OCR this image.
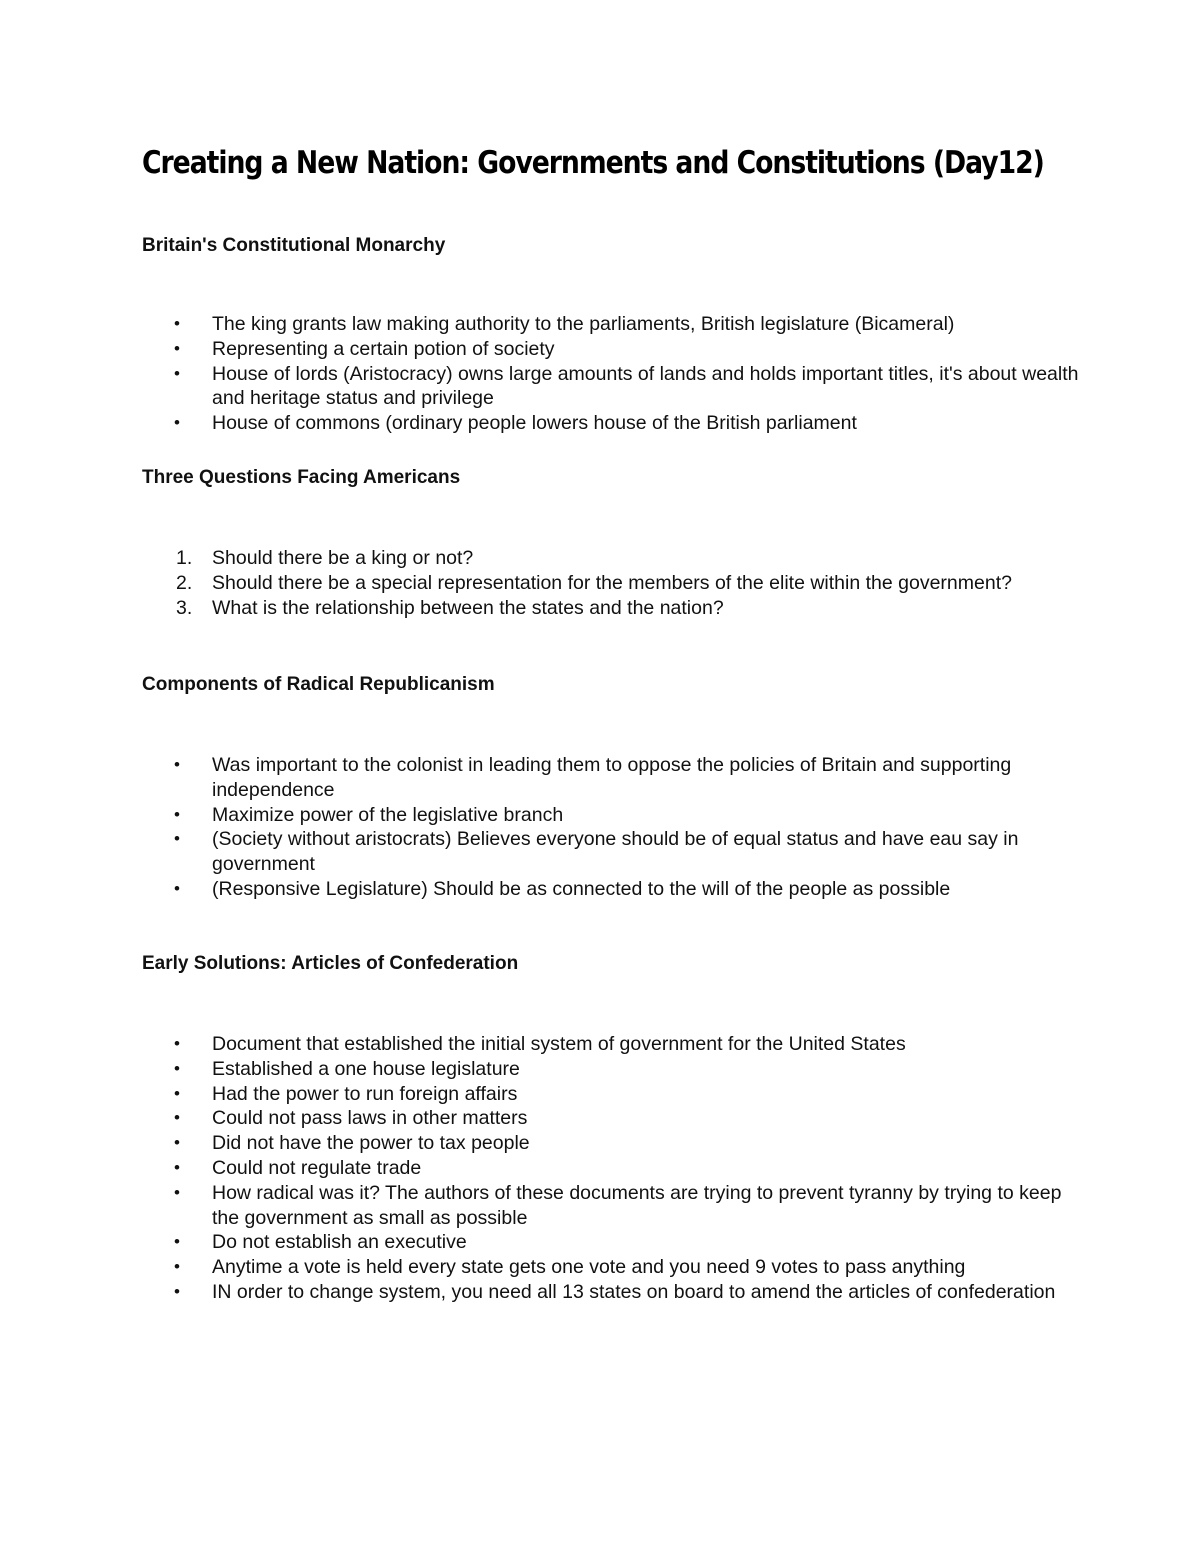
Creating a New Nation: Governments and Constitutions (Day12)
Britain's Constitutional Monarchy
• The king grants law making authority to the parliaments, British legislature (Bicameral)
• Representing a certain potion of society
• House of lords (Aristocracy) owns large amounts of lands and holds important titles, it's about wealth and heritage status and privilege
• House of commons (ordinary people lowers house of the British parliament
Three Questions Facing Americans
1. Should there be a king or not?
2. Should there be a special representation for the members of the elite within the government?
3. What is the relationship between the states and the nation?
Components of Radical Republicanism
• Was important to the colonist in leading them to oppose the policies of Britain and supporting independence
• Maximize power of the legislative branch
• (Society without aristocrats) Believes everyone should be of equal status and have eau say in government
• (Responsive Legislature) Should be as connected to the will of the people as possible
Early Solutions: Articles of Confederation
• Document that established the initial system of government for the United States
• Established a one house legislature
• Had the power to run foreign affairs
• Could not pass laws in other matters
• Did not have the power to tax people
• Could not regulate trade
• How radical was it? The authors of these documents are trying to prevent tyranny by trying to keep the government as small as possible
• Do not establish an executive
• Anytime a vote is held every state gets one vote and you need 9 votes to pass anything
• IN order to change system, you need all 13 states on board to amend the articles of confederation
